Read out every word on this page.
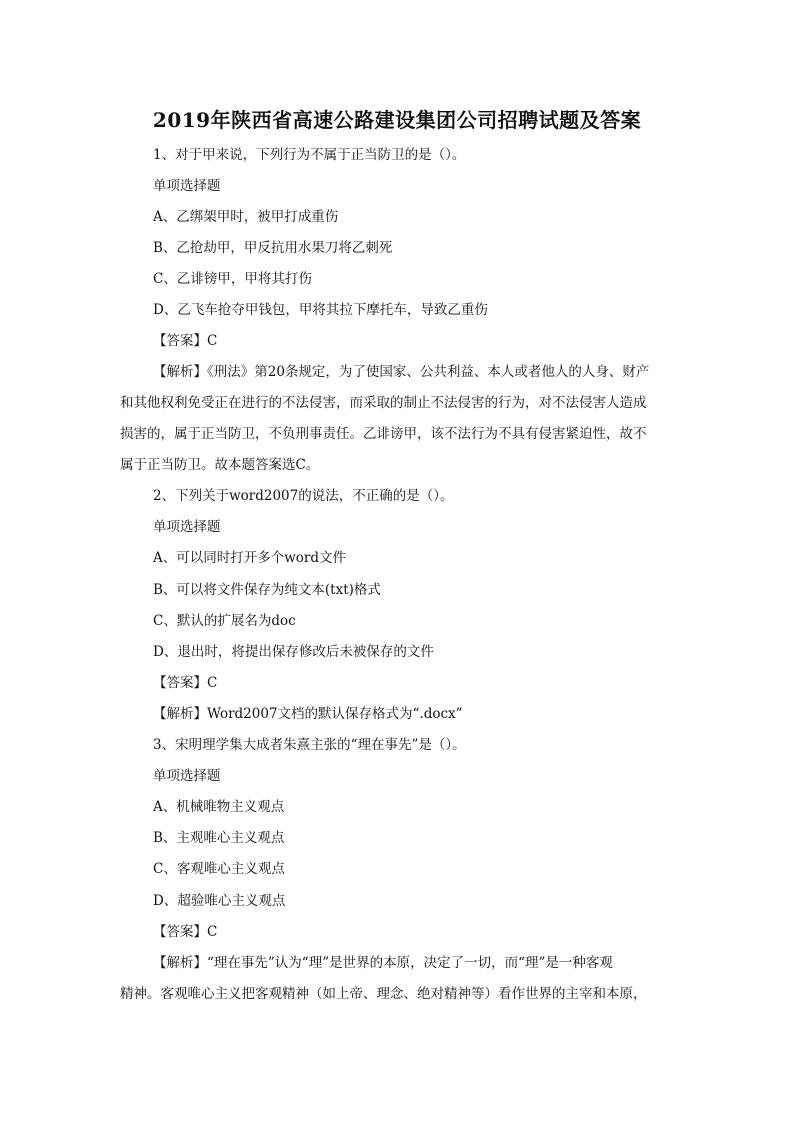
2019年陕西省高速公路建设集团公司招聘试题及答案
1、对于甲来说，下列行为不属于正当防卫的是（）。
单项选择题
A、乙绑架甲时，被甲打成重伤
B、乙抢劫甲，甲反抗用水果刀将乙刺死
C、乙诽镑甲，甲将其打伤
D、乙飞车抢夺甲钱包，甲将其拉下摩托车，导致乙重伤
【答案】C
【解析】《刑法》第20条规定，为了使国家、公共利益、本人或者他人的人身、财产
和其他权利免受正在进行的不法侵害，而采取的制止不法侵害的行为，对不法侵害人造成
损害的，属于正当防卫，不负刑事责任。乙诽谤甲，该不法行为不具有侵害紧迫性，故不
属于正当防卫。故本题答案选C。
2、下列关于word2007的说法，不正确的是（）。
单项选择题
A、可以同时打开多个word文件
B、可以将文件保存为纯文本(txt)格式
C、默认的扩展名为doc
D、退出时，将提出保存修改后未被保存的文件
【答案】C
【解析】Word2007文档的默认保存格式为“.docx”
3、宋明理学集大成者朱熹主张的“理在事先”是（）。
单项选择题
A、机械唯物主义观点
B、主观唯心主义观点
C、客观唯心主义观点
D、超验唯心主义观点
【答案】C
【解析】“理在事先”认为“理”是世界的本原，决定了一切，而“理”是一种客观
精神。客观唯心主义把客观精神（如上帝、理念、绝对精神等）看作世界的主宰和本原，
